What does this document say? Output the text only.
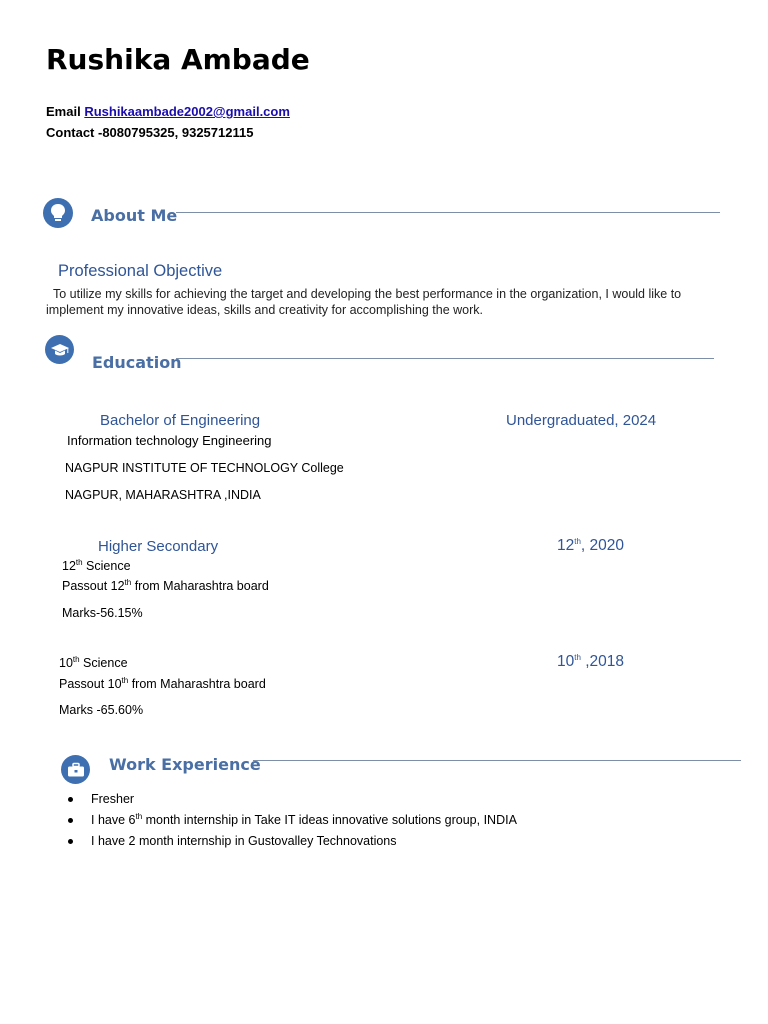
Rushika Ambade
Email Rushikaambade2002@gmail.com
Contact -8080795325, 9325712115
About Me
Professional Objective
To utilize my skills for achieving the target and developing the best performance in the organization, I would like to implement my innovative ideas, skills and creativity for accomplishing the work.
Education
Bachelor of Engineering	Undergraduated, 2024
Information technology Engineering
NAGPUR INSTITUTE OF TECHNOLOGY College
NAGPUR, MAHARASHTRA ,INDIA
Higher Secondary	12th, 2020
12th Science
Passout 12th from Maharashtra board
Marks-56.15%
10th ,2018
10th Science
Passout 10th from Maharashtra board
Marks -65.60%
Work Experience
Fresher
I have 6th month internship in Take IT ideas innovative solutions group, INDIA
I have 2 month internship in Gustovalley Technovations
